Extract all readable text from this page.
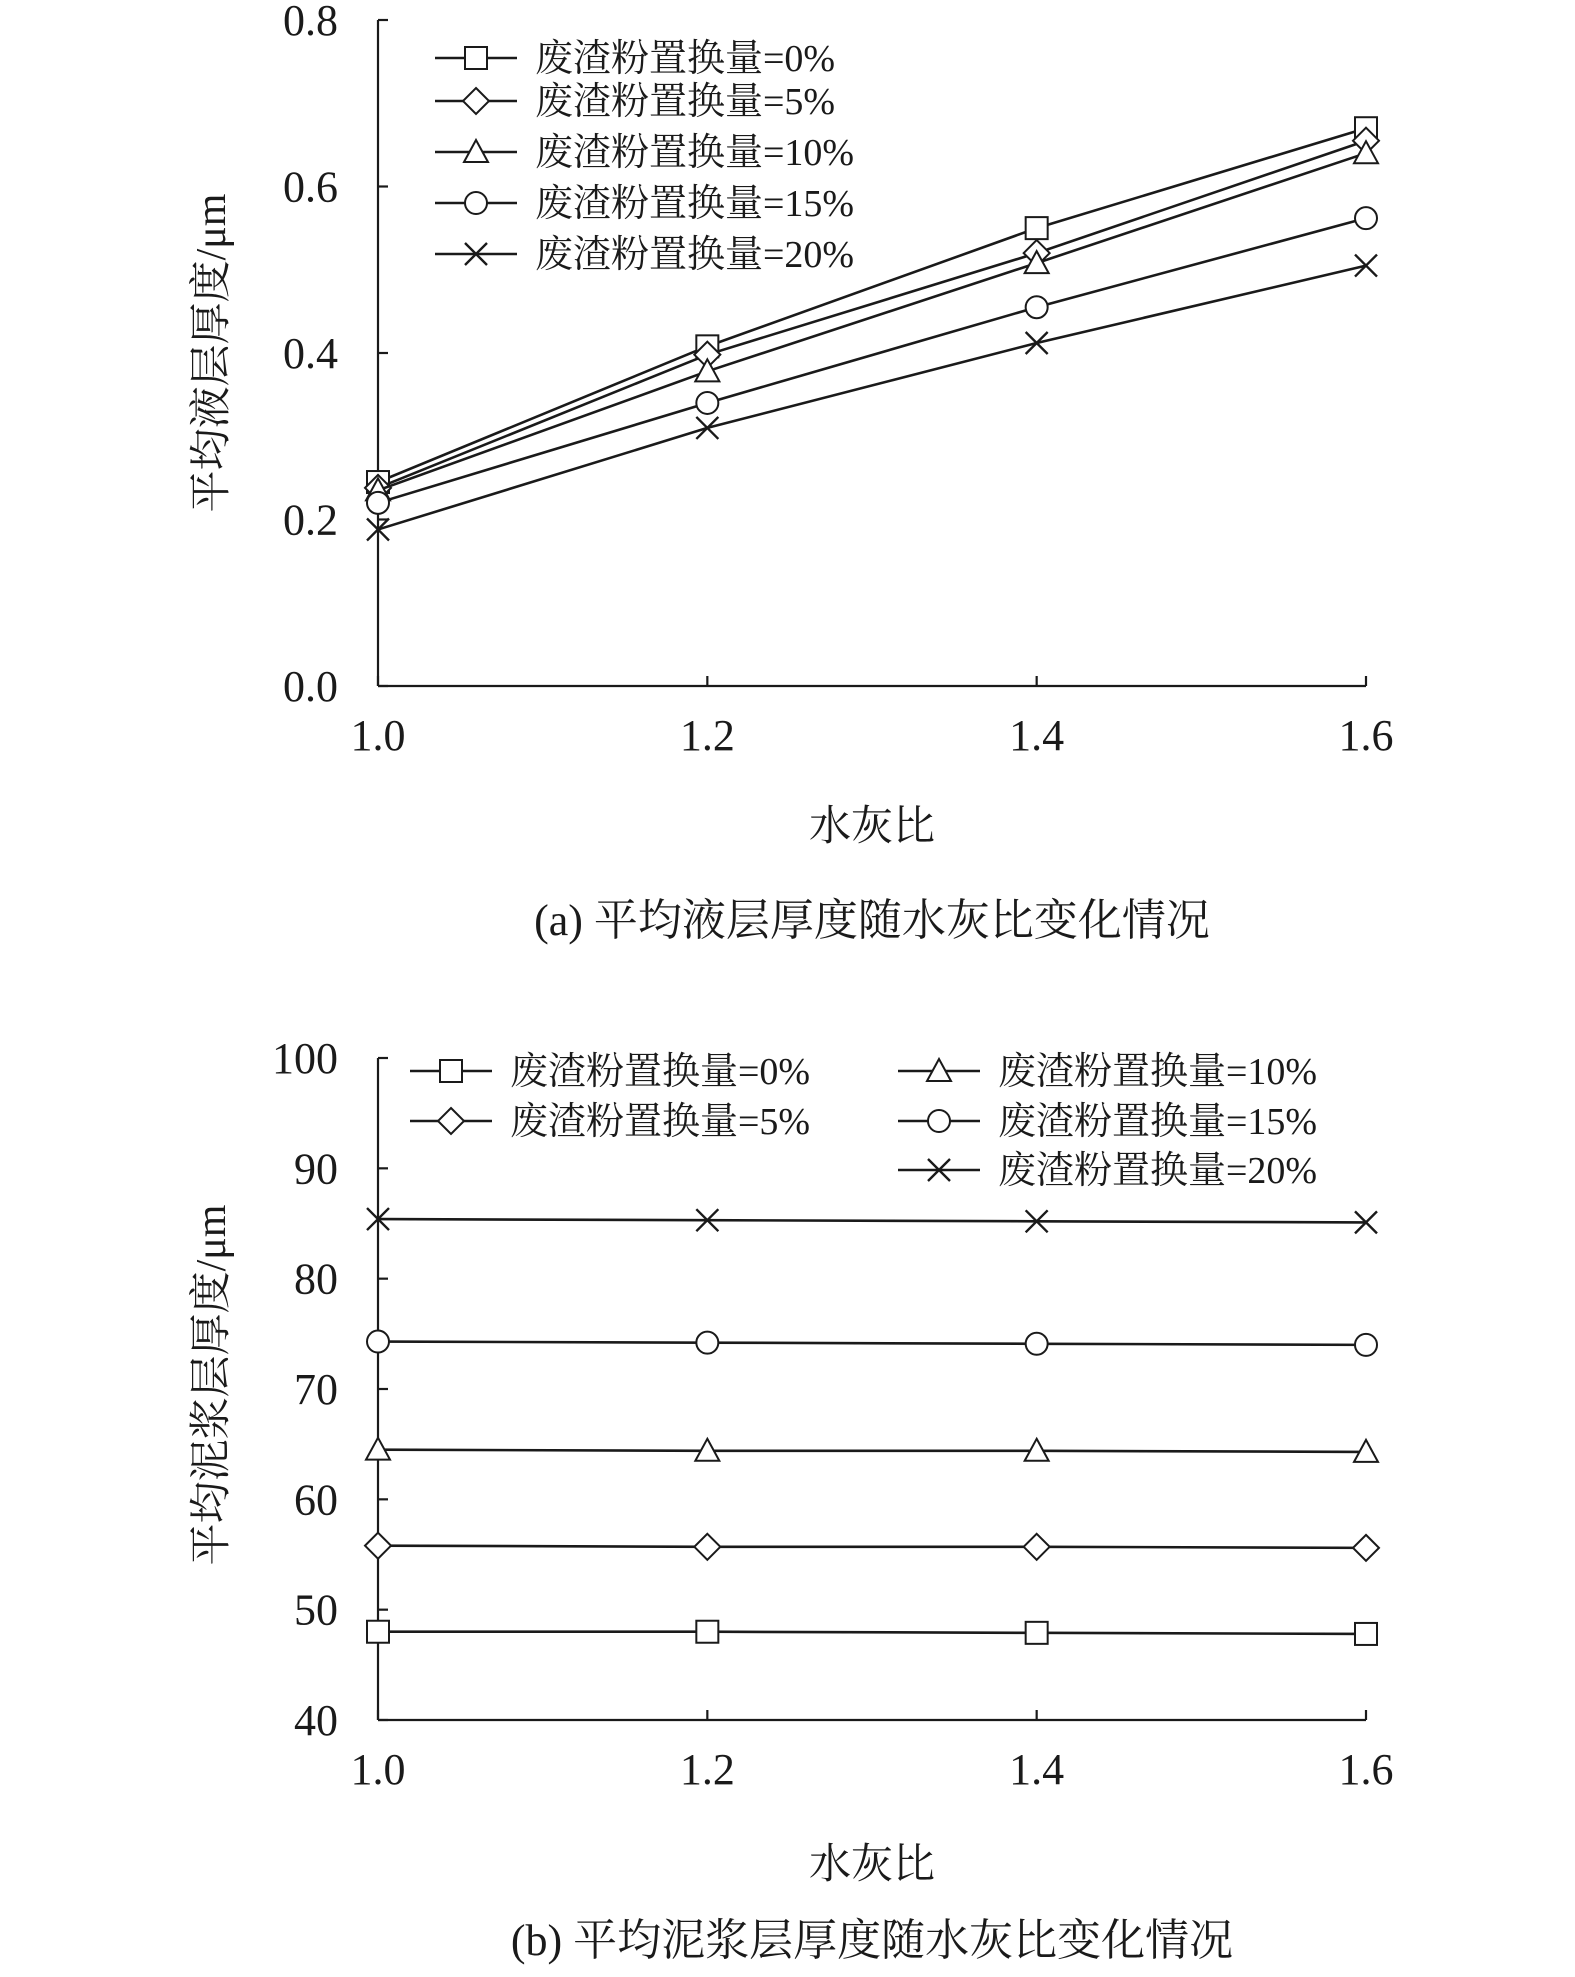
1.0	1.2	1.4	1.6
0.0
0.2
0.4
0.6
0.8
废渣粉置换量=0%
废渣粉置换量=5%
废渣粉置换量=10%
废渣粉置换量=15%
废渣粉置换量=20%
平均液层厚度/μm
水灰比
(a) 平均液层厚度随水灰比变化情况
1.0	1.2	1.4	1.6
40
50
60
70
80
90
100	废渣粉置换量=0%
废渣粉置换量=5%
废渣粉置换量=10%
废渣粉置换量=15%
废渣粉置换量=20%
平均泥浆层厚度/μm
水灰比
(b) 平均泥浆层厚度随水灰比变化情况
